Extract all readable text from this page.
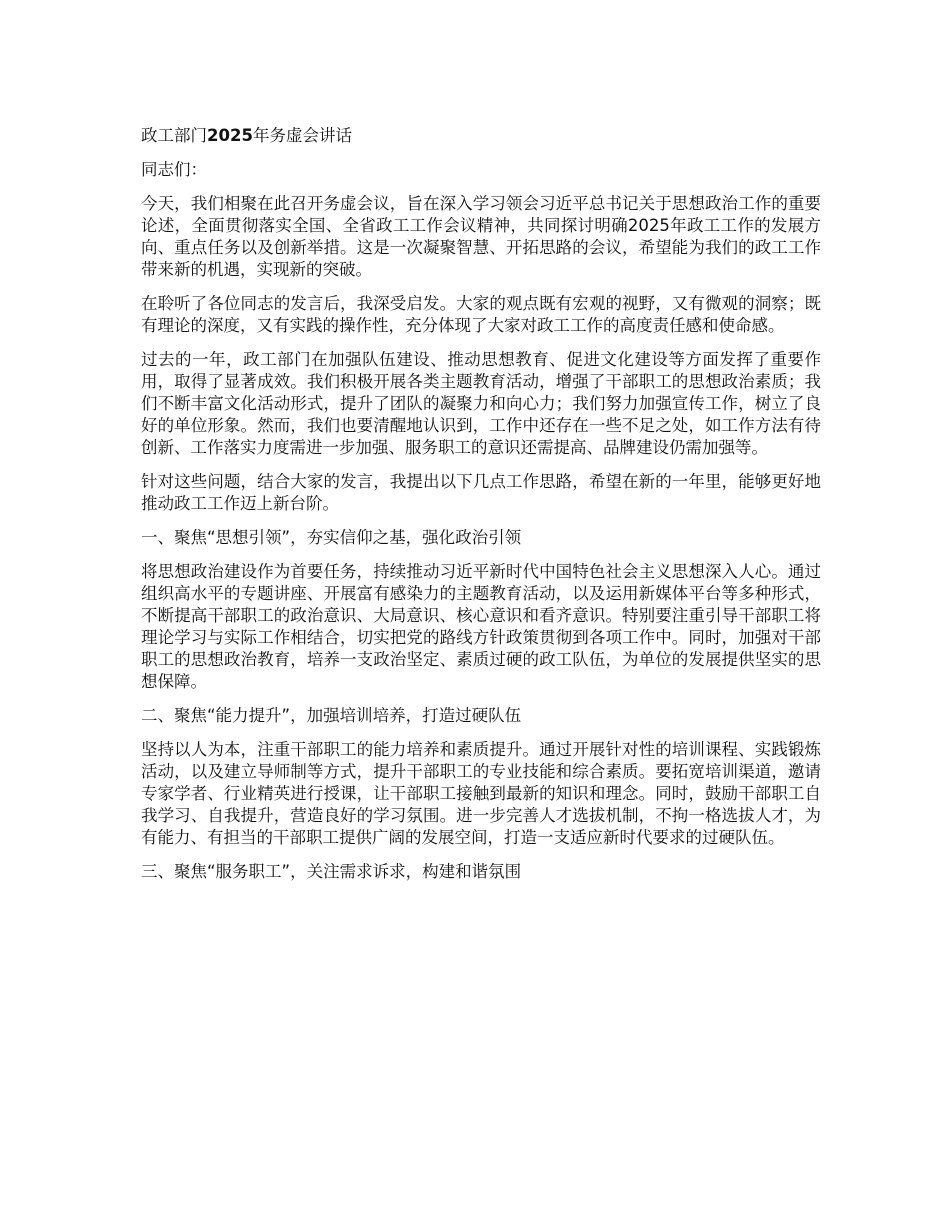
政工部门2025年务虚会讲话

同志们：

今天，我们相聚在此召开务虚会议，旨在深入学习领会习近平总书记关于思想政治工作的重要论述，全面贯彻落实全国、全省政工工作会议精神，共同探讨明确2025年政工工作的发展方向、重点任务以及创新举措。这是一次凝聚智慧、开拓思路的会议，希望能为我们的政工工作带来新的机遇，实现新的突破。

在聆听了各位同志的发言后，我深受启发。大家的观点既有宏观的视野，又有微观的洞察；既有理论的深度，又有实践的操作性，充分体现了大家对政工工作的高度责任感和使命感。

过去的一年，政工部门在加强队伍建设、推动思想教育、促进文化建设等方面发挥了重要作用，取得了显著成效。我们积极开展各类主题教育活动，增强了干部职工的思想政治素质；我们不断丰富文化活动形式，提升了团队的凝聚力和向心力；我们努力加强宣传工作，树立了良好的单位形象。然而，我们也要清醒地认识到，工作中还存在一些不足之处，如工作方法有待创新、工作落实力度需进一步加强、服务职工的意识还需提高、品牌建设仍需加强等。

针对这些问题，结合大家的发言，我提出以下几点工作思路，希望在新的一年里，能够更好地推动政工工作迈上新台阶。

一、聚焦“思想引领”，夯实信仰之基，强化政治引领

将思想政治建设作为首要任务，持续推动习近平新时代中国特色社会主义思想深入人心。通过组织高水平的专题讲座、开展富有感染力的主题教育活动，以及运用新媒体平台等多种形式，不断提高干部职工的政治意识、大局意识、核心意识和看齐意识。特别要注重引导干部职工将理论学习与实际工作相结合，切实把党的路线方针政策贯彻到各项工作中。同时，加强对干部职工的思想政治教育，培养一支政治坚定、素质过硬的政工队伍，为单位的发展提供坚实的思想保障。

二、聚焦“能力提升”，加强培训培养，打造过硬队伍

坚持以人为本，注重干部职工的能力培养和素质提升。通过开展针对性的培训课程、实践锻炼活动，以及建立导师制等方式，提升干部职工的专业技能和综合素质。要拓宽培训渠道，邀请专家学者、行业精英进行授课，让干部职工接触到最新的知识和理念。同时，鼓励干部职工自我学习、自我提升，营造良好的学习氛围。进一步完善人才选拔机制，不拘一格选拔人才，为有能力、有担当的干部职工提供广阔的发展空间，打造一支适应新时代要求的过硬队伍。

三、聚焦“服务职工”，关注需求诉求，构建和谐氛围
